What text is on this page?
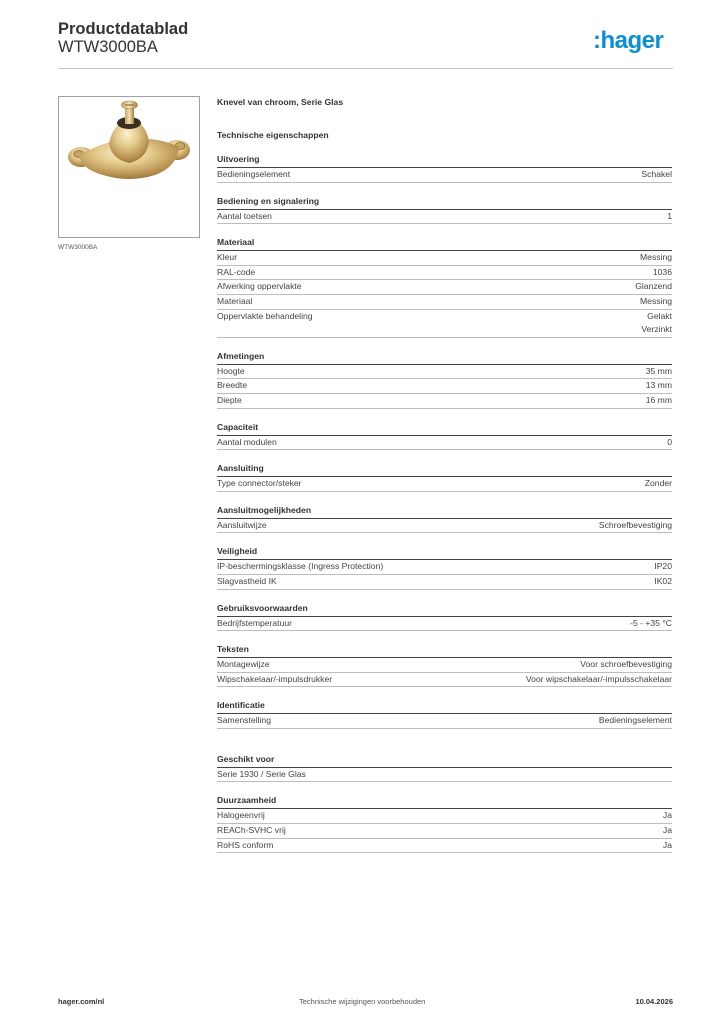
Productdatablad
WTW3000BA	:hager
WTW3000BA
Knevel van chroom, Serie Glas
Technische eigenschappen
Uitvoering
Bedieningselement	Schakel
Bediening en signalering
Aantal toetsen	1
Materiaal
Kleur	Messing
RAL-code	1036
Afwerking oppervlakte	Glanzend
Materiaal	Messing
Oppervlakte behandeling	Gelakt
Verzinkt
Afmetingen
Hoogte	35 mm
Breedte	13 mm
Diepte	16 mm
Capaciteit
Aantal modulen	0
Aansluiting
Type connector/steker	Zonder
Aansluitmogelijkheden
Aansluitwijze	Schroefbevestiging
Veiligheid
IP-beschermingsklasse (Ingress Protection)	IP20
Slagvastheid IK	IK02
Gebruiksvoorwaarden
Bedrijfstemperatuur	-5 - +35 °C
Teksten
Montagewijze	Voor schroefbevestiging
Wipschakelaar/-impulsdrukker	Voor wipschakelaar/-impulsschakelaar
Identificatie
Samenstelling	Bedieningselement
Geschikt voor
Serie 1930 / Serie Glas
Duurzaamheid
Halogeenvrij	Ja
REACh-SVHC vrij	Ja
RoHS conform	Ja
hager.com/nl	Technische wijzigingen voorbehouden	10.04.2026
